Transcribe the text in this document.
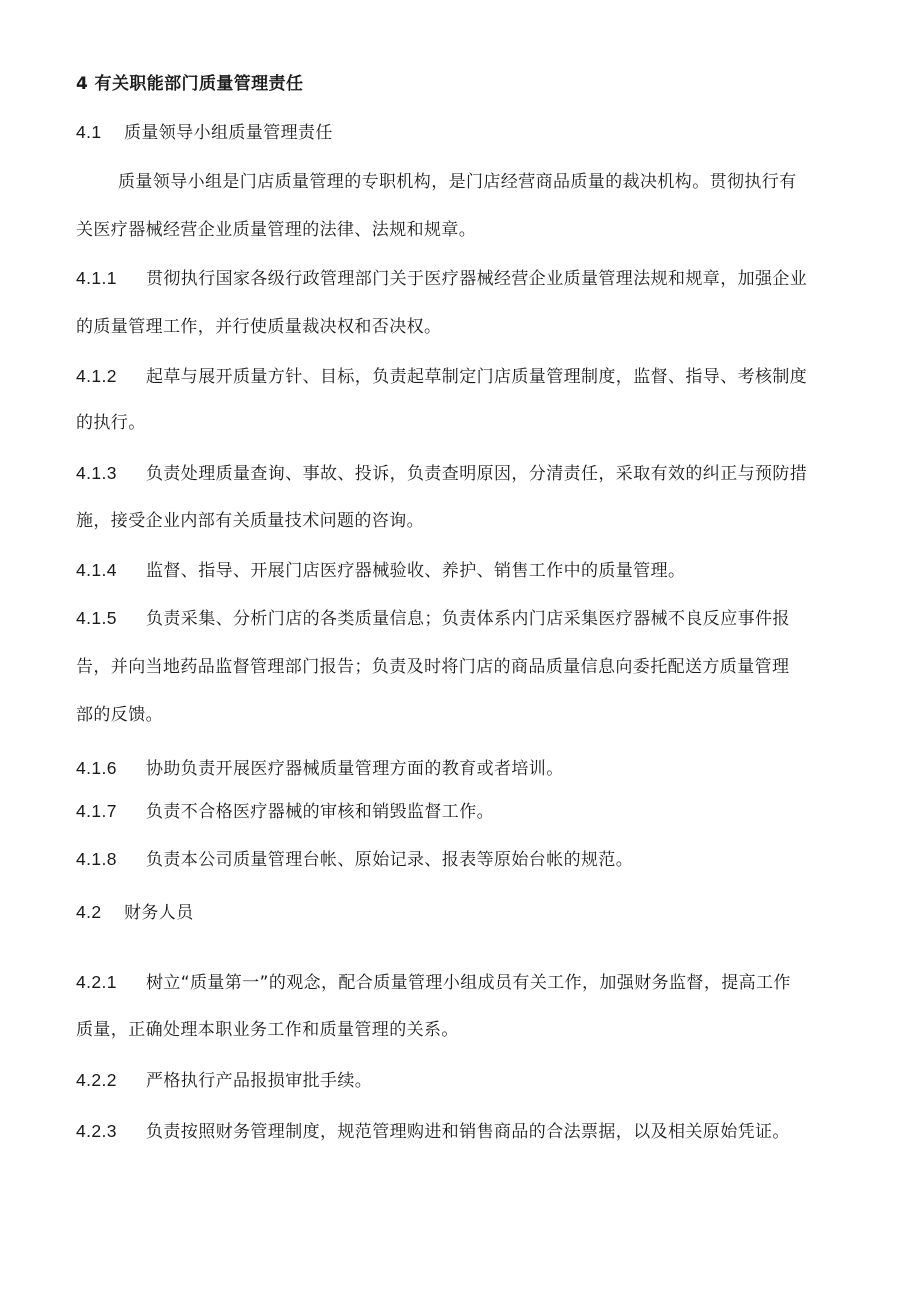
4 有关职能部门质量管理责任
4.1 质量领导小组质量管理责任
质量领导小组是门店质量管理的专职机构，是门店经营商品质量的裁决机构。贯彻执行有
关医疗器械经营企业质量管理的法律、法规和规章。
4.1.1 贯彻执行国家各级行政管理部门关于医疗器械经营企业质量管理法规和规章，加强企业
的质量管理工作，并行使质量裁决权和否决权。
4.1.2 起草与展开质量方针、目标，负责起草制定门店质量管理制度，监督、指导、考核制度
的执行。
4.1.3 负责处理质量查询、事故、投诉，负责查明原因，分清责任，采取有效的纠正与预防措
施，接受企业内部有关质量技术问题的咨询。
4.1.4 监督、指导、开展门店医疗器械验收、养护、销售工作中的质量管理。
4.1.5 负责采集、分析门店的各类质量信息；负责体系内门店采集医疗器械不良反应事件报
告，并向当地药品监督管理部门报告；负责及时将门店的商品质量信息向委托配送方质量管理
部的反馈。
4.1.6 协助负责开展医疗器械质量管理方面的教育或者培训。
4.1.7 负责不合格医疗器械的审核和销毁监督工作。
4.1.8 负责本公司质量管理台帐、原始记录、报表等原始台帐的规范。
4.2 财务人员
4.2.1 树立“质量第一”的观念，配合质量管理小组成员有关工作，加强财务监督，提高工作
质量，正确处理本职业务工作和质量管理的关系。
4.2.2 严格执行产品报损审批手续。
4.2.3 负责按照财务管理制度，规范管理购进和销售商品的合法票据，以及相关原始凭证。
